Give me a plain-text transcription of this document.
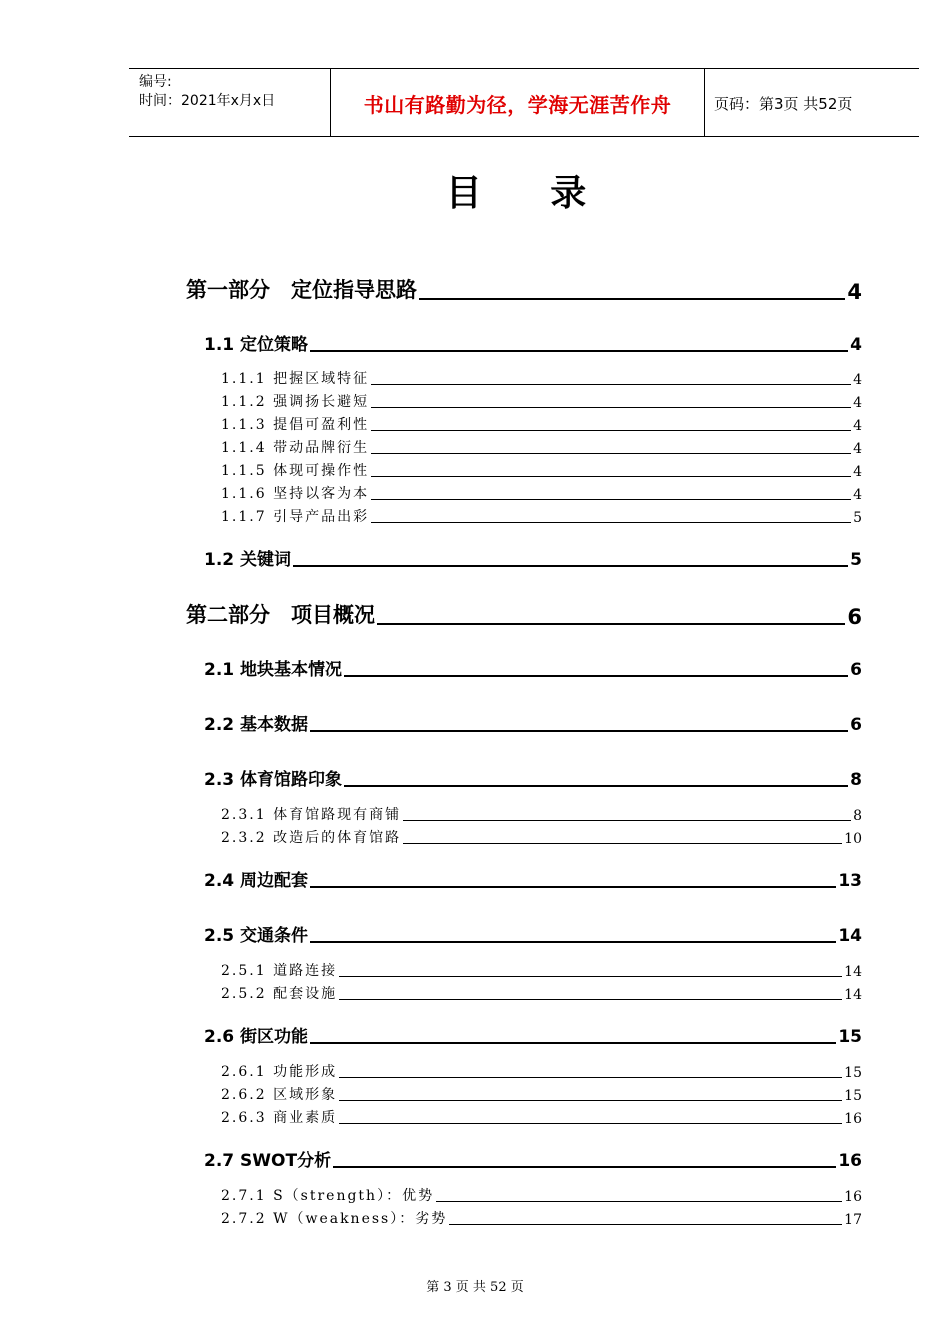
编号:
时间：2021年x月x日	书山有路勤为径，学海无涯苦作舟	页码：第3页 共52页
目 录
第一部分　定位指导思路	4
1.1 定位策略	4
1.1.1 把握区域特征	4
1.1.2 强调扬长避短	4
1.1.3 提倡可盈利性	4
1.1.4 带动品牌衍生	4
1.1.5 体现可操作性	4
1.1.6 坚持以客为本	4
1.1.7 引导产品出彩	5
1.2 关键词	5
第二部分　项目概况	6
2.1 地块基本情况	6
2.2 基本数据	6
2.3 体育馆路印象	8
2.3.1 体育馆路现有商铺	8
2.3.2 改造后的体育馆路	10
2.4 周边配套	13
2.5 交通条件	14
2.5.1 道路连接	14
2.5.2 配套设施	14
2.6 街区功能	15
2.6.1 功能形成	15
2.6.2 区域形象	15
2.6.3 商业素质	16
2.7 SWOT分析	16
2.7.1 S（strength）：优势	16
2.7.2 W（weakness）：劣势	17
第 3 页 共 52 页
